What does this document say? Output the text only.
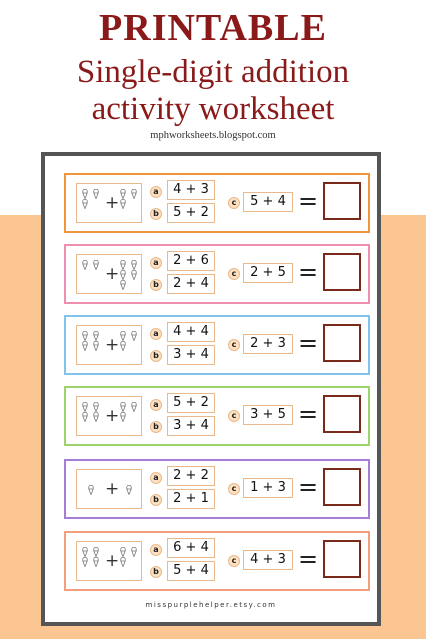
PRINTABLE
Single-digit addition
activity worksheet
mphworksheets.blogspot.com
+
a	4 + 3
b	5 + 2
c	5 + 4 =
+
a	2 + 6
b	2 + 4
c	2 + 5 =
+
a	4 + 4
b	3 + 4
c	2 + 3 =
+
a	5 + 2
b	3 + 4
c	3 + 5 =
+
a	2 + 2
b	2 + 1
c	1 + 3 =
+
a	6 + 4
b	5 + 4
c	4 + 3 =
misspurplehelper.etsy.com
